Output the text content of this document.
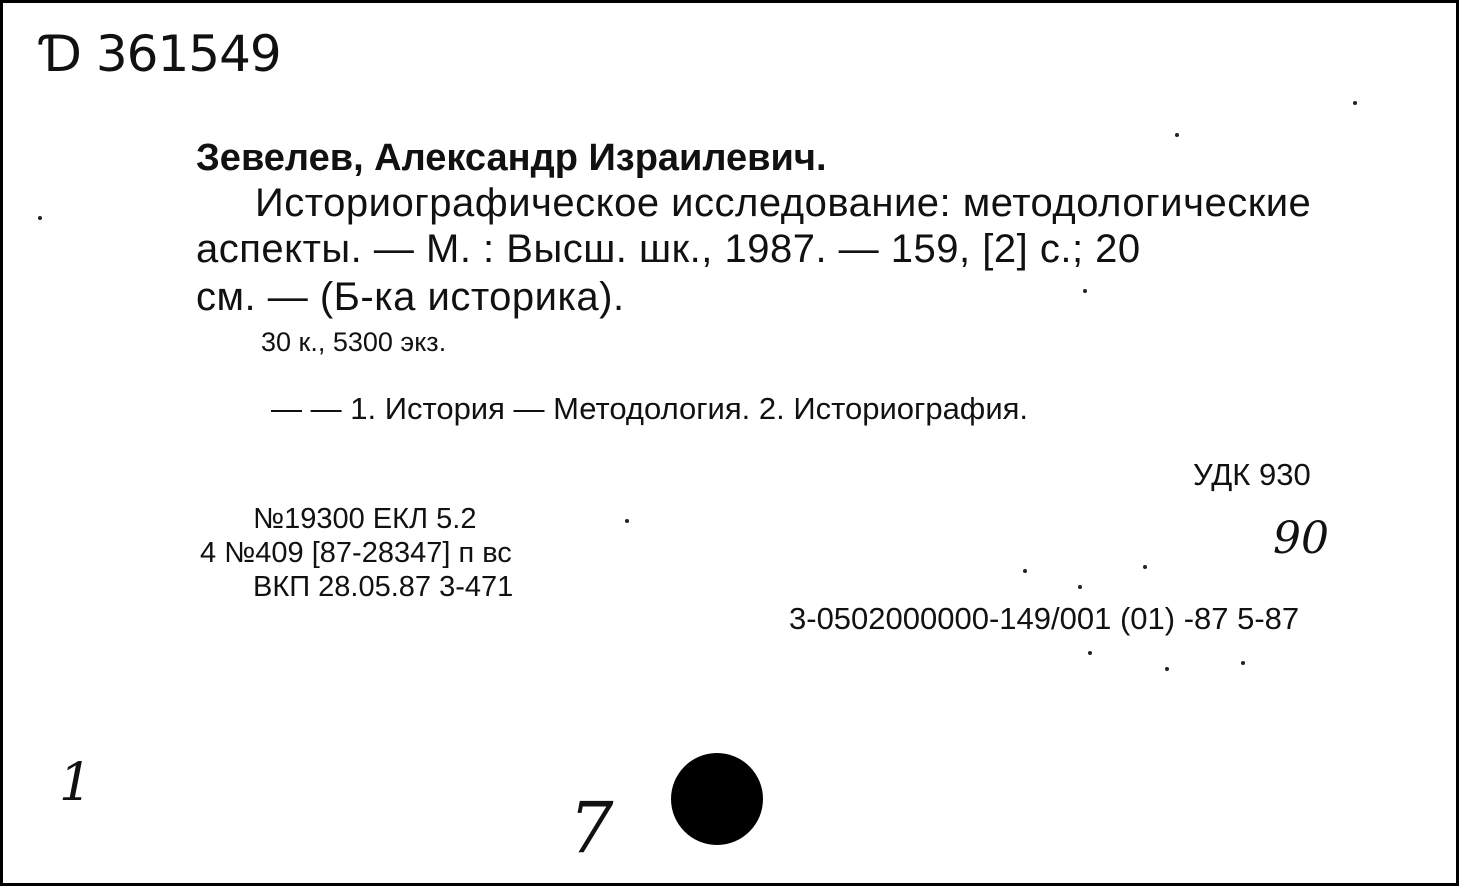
Ɗ 361549
Зевелев, Александр Израилевич.
Историографическое исследование: методологические
аспекты. — М. : Высш. шк., 1987. — 159, [2] с.; 20
см. — (Б-ка историка).
30 к., 5300 экз.
— — 1. История — Методология. 2. Историография.
УДК 930
№19300 ЕКЛ 5.2
4 №409 [87-28347] п вс
ВКП 28.05.87 3-471
90
3-0502000000-149/001 (01) -87 5-87
1
7
